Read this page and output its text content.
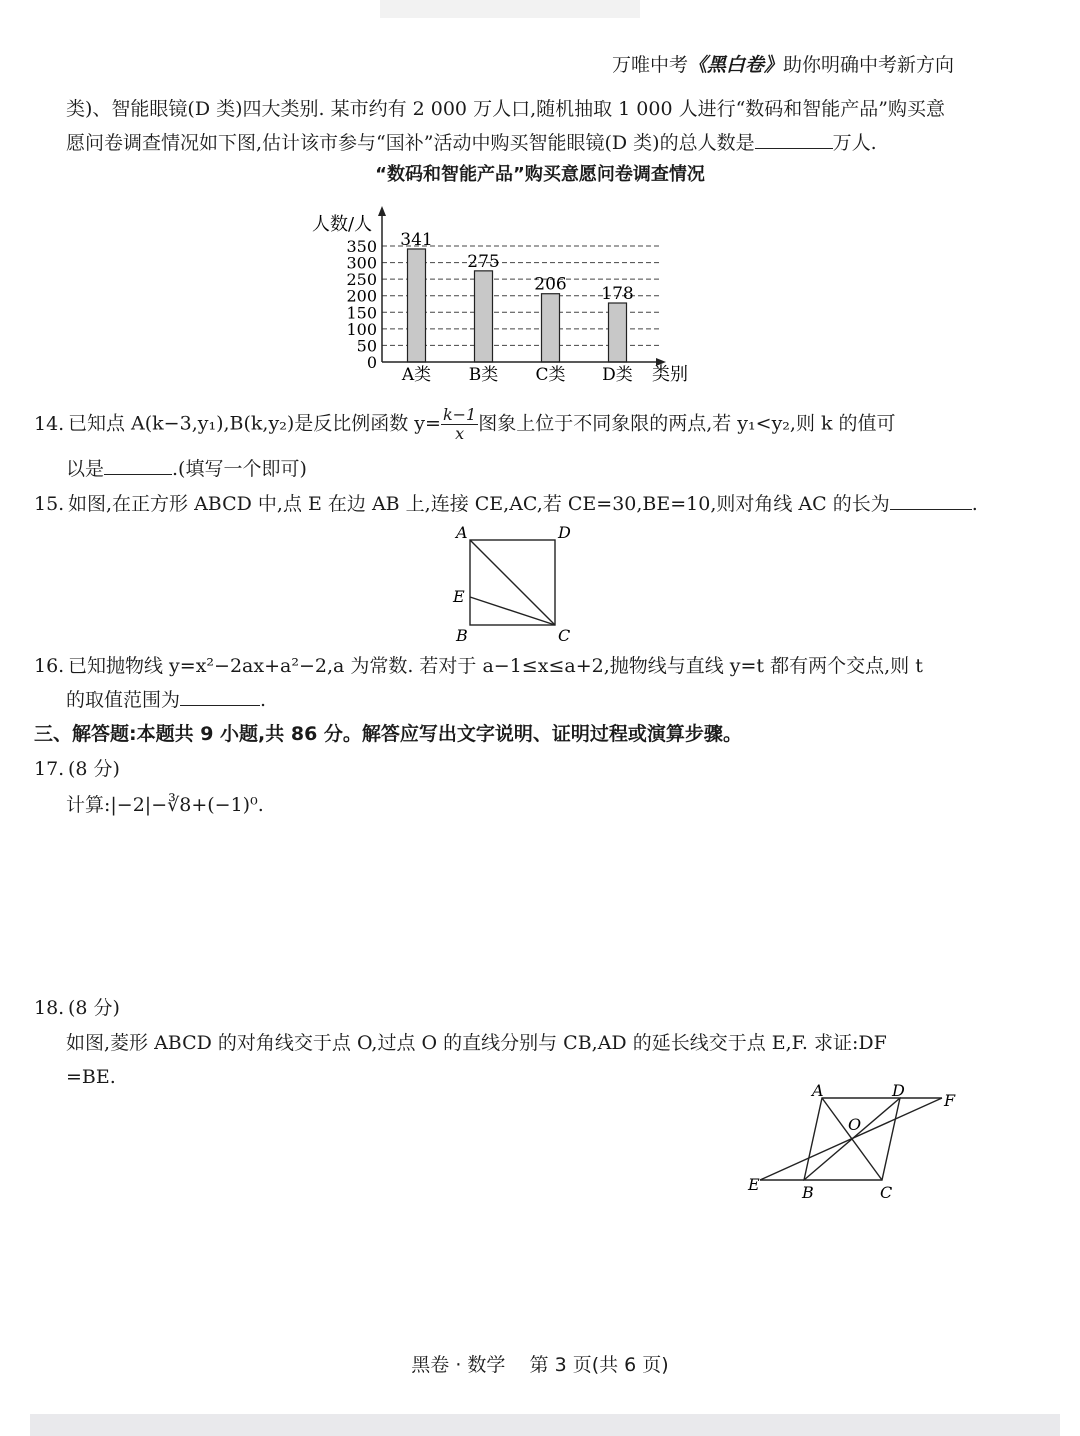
万唯中考《黑白卷》助你明确中考新方向
类)、智能眼镜(D 类)四大类别. 某市约有 2 000 万人口,随机抽取 1 000 人进行“数码和智能产品”购买意
愿问卷调查情况如下图,估计该市参与“国补”活动中购买智能眼镜(D 类)的总人数是	万人.
“数码和智能产品”购买意愿问卷调查情况
341
275
206 178
0
50
100
150
200
250
300
350
A类 B类 C类 D类
人数/人
类别
14. 已知点 A(k−3,y₁),B(k,y₂)是反比例函数 $y= \frac{k-1}{x}$ 图象上位于不同象限的两点,若 y₁<y₂,则 k 的值可
以是	.(填写一个即可)
15. 如图,在正方形 ABCD 中,点 E 在边 AB 上,连接 CE,AC,若 CE=30,BE=10,则对角线 AC 的长为	.
A	D
E
B	C
16. 已知抛物线 y=x²−2ax+a²−2,a 为常数. 若对于 a−1≤x≤a+2,抛物线与直线 y=t 都有两个交点,则 t
的取值范围为	.
三、解答题:本题共 9 小题,共 86 分。解答应写出文字说明、证明过程或演算步骤。
17. (8 分)
计算:|−2|−∛8+(−1)⁰.
18. (8 分)
如图,菱形 ABCD 的对角线交于点 O,过点 O 的直线分别与 CB,AD 的延长线交于点 E,F. 求证:DF
=BE.
A	D
F
O
E	B	C
黑卷 · 数学    第 3 页(共 6 页)
